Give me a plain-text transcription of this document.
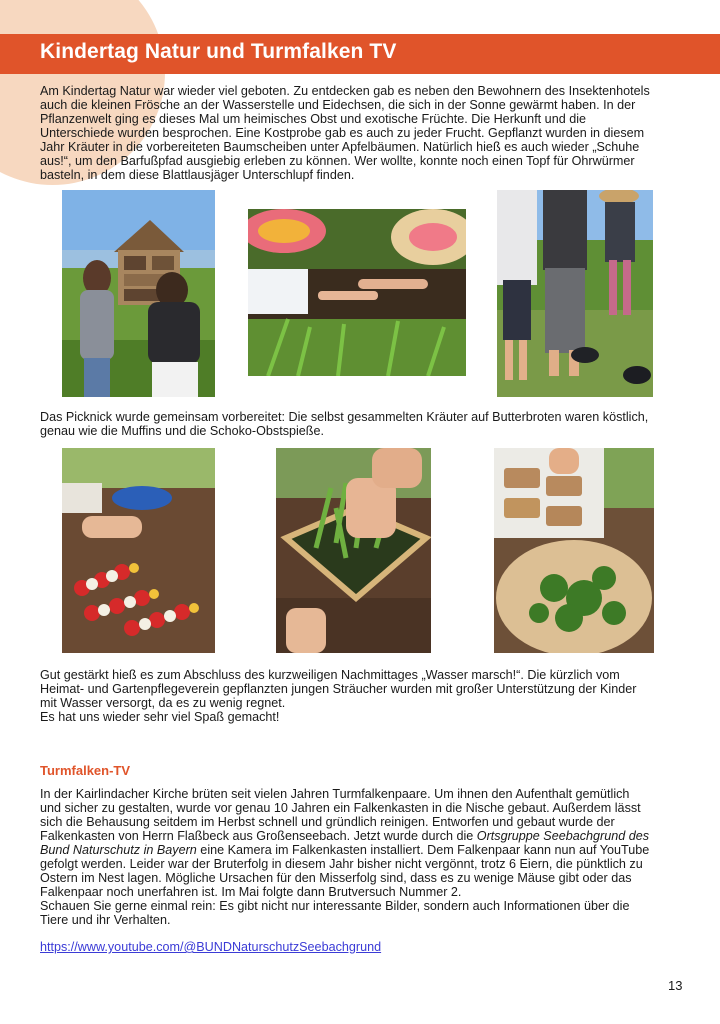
Kindertag Natur und Turmfalken TV

Am Kindertag Natur war wieder viel geboten. Zu entdecken gab es neben den Bewohnern des Insektenhotels
auch die kleinen Frösche an der Wasserstelle und Eidechsen, die sich in der Sonne gewärmt haben. In der
Pflanzenwelt ging es dieses Mal um heimisches Obst und exotische Früchte. Die Herkunft und die
Unterschiede wurden besprochen. Eine Kostprobe gab es auch zu jeder Frucht. Gepflanzt wurden in diesem
Jahr Kräuter in die vorbereiteten Baumscheiben unter Apfelbäumen. Natürlich hieß es auch wieder „Schuhe
aus!“, um den Barfußpfad ausgiebig erleben zu können. Wer wollte, konnte noch einen Topf für Ohrwürmer
basteln, in dem diese Blattlausjäger Unterschlupf finden.

Das Picknick wurde gemeinsam vorbereitet: Die selbst gesammelten Kräuter auf Butterbroten waren köstlich,
genau wie die Muffins und die Schoko-Obstspieße.

Gut gestärkt hieß es zum Abschluss des kurzweiligen Nachmittages „Wasser marsch!“. Die kürzlich vom
Heimat- und Gartenpflegeverein gepflanzten jungen Sträucher wurden mit großer Unterstützung der Kinder
mit Wasser versorgt, da es zu wenig regnet.
Es hat uns wieder sehr viel Spaß gemacht!

Turmfalken-TV

In der Kairlindacher Kirche brüten seit vielen Jahren Turmfalkenpaare. Um ihnen den Aufenthalt gemütlich
und sicher zu gestalten, wurde vor genau 10 Jahren ein Falkenkasten in die Nische gebaut. Außerdem lässt
sich die Behausung seitdem im Herbst schnell und gründlich reinigen. Entworfen und gebaut wurde der
Falkenkasten von Herrn Flaßbeck aus Großenseebach. Jetzt wurde durch die Ortsgruppe Seebachgrund des
Bund Naturschutz in Bayern eine Kamera im Falkenkasten installiert. Dem Falkenpaar kann nun auf YouTube
gefolgt werden. Leider war der Bruterfolg in diesem Jahr bisher nicht vergönnt, trotz 6 Eiern, die pünktlich zu
Ostern im Nest lagen. Mögliche Ursachen für den Misserfolg sind, dass es zu wenige Mäuse gibt oder das
Falkenpaar noch unerfahren ist. Im Mai folgte dann Brutversuch Nummer 2.
Schauen Sie gerne einmal rein: Es gibt nicht nur interessante Bilder, sondern auch Informationen über die
Tiere und ihr Verhalten.

https://www.youtube.com/@BUNDNaturschutzSeebachgrund
13
